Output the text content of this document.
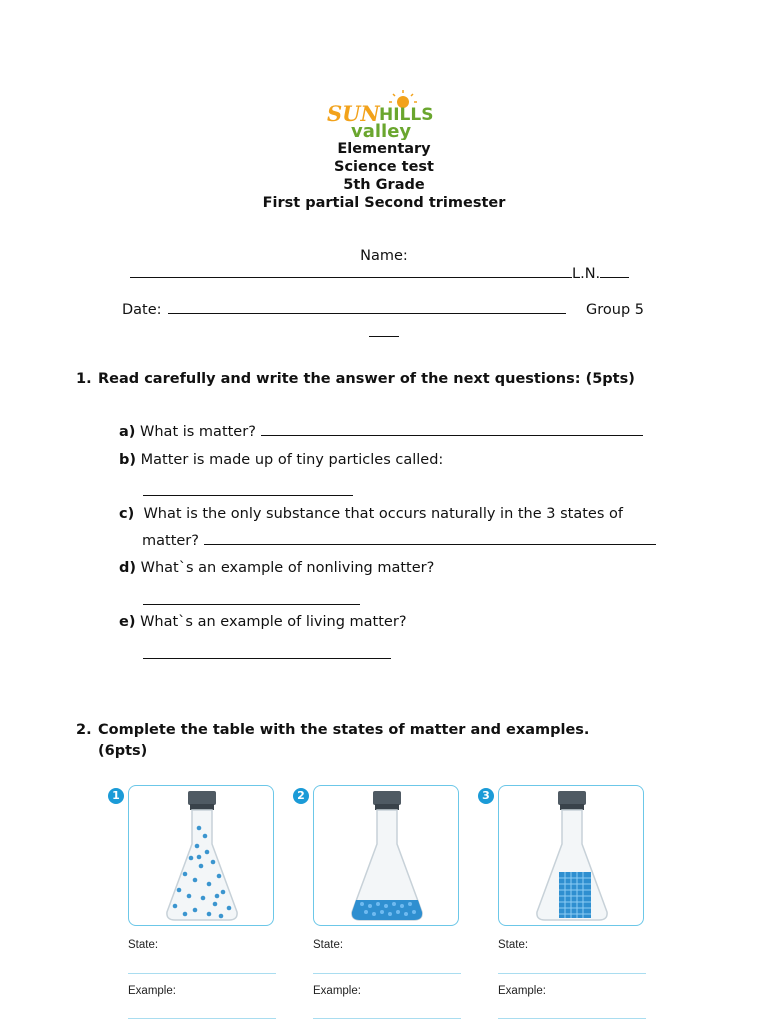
SUN HILLS
valley
Elementary
Science test
5th Grade
First partial Second trimester
Name:
L.N.
Date:	Group 5
1. Read carefully and write the answer of the next questions: (5pts)
a) What is matter?
b) Matter is made up of tiny particles called:
c)  What is the only substance that occurs naturally in the 3 states of
matter?
d) What`s an example of nonliving matter?
e) What`s an example of living matter?
2. Complete the table with the states of matter and examples.
(6pts)
1
State:
Example:
2
State:
Example:
3
State:
Example:
